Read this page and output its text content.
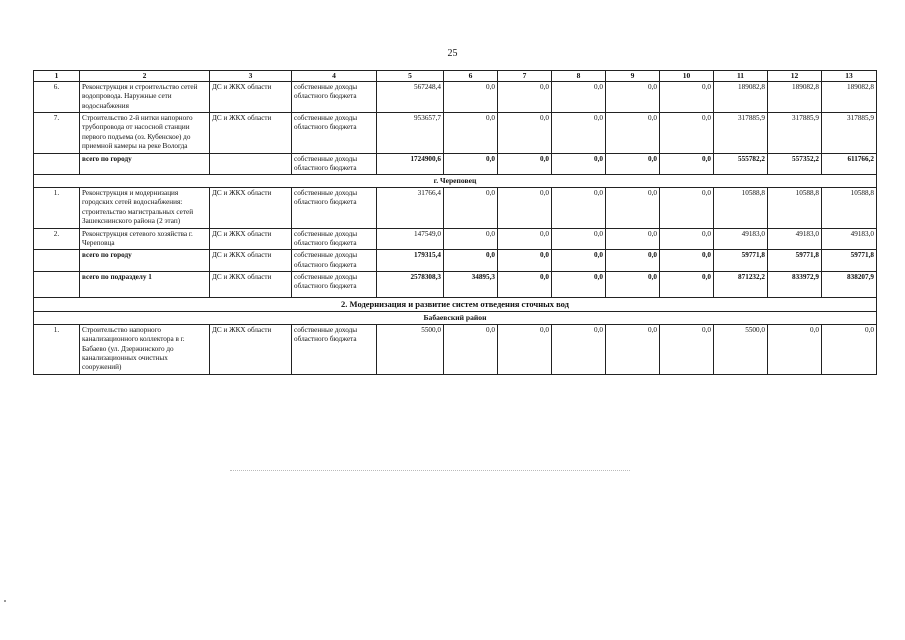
25
1	2	3	4	5	6	7	8	9	10	11	12	13
6.	Реконструкция и строительство сетей водопровода. Наружные сети водоснабжения	ДС и ЖКХ области	собственные доходы областного бюджета	567248,4	0,0	0,0	0,0	0,0	0,0	189082,8	189082,8	189082,8
7.	Строительство 2-й нитки напорного трубопровода от насосной станции первого подъема (оз. Кубенское) до приемной камеры на реке Вологда	ДС и ЖКХ области	собственные доходы областного бюджета	953657,7	0,0	0,0	0,0	0,0	0,0	317885,9	317885,9	317885,9
	всего по городу		собственные доходы областного бюджета	1724900,6	0,0	0,0	0,0	0,0	0,0	555782,2	557352,2	611766,2
г. Череповец												
1.	Реконструкция и модернизация городских сетей водоснабжения: строительство магистральных сетей Зашекснинского района (2 этап)	ДС и ЖКХ области	собственные доходы областного бюджета	31766,4	0,0	0,0	0,0	0,0	0,0	10588,8	10588,8	10588,8
2.	Реконструкция сетевого хозяйства г. Череповца	ДС и ЖКХ области	собственные доходы областного бюджета	147549,0	0,0	0,0	0,0	0,0	0,0	49183,0	49183,0	49183,0
	всего по городу	ДС и ЖКХ области	собственные доходы областного бюджета	179315,4	0,0	0,0	0,0	0,0	0,0	59771,8	59771,8	59771,8
	всего по подразделу 1	ДС и ЖКХ области	собственные доходы областного бюджета	2578308,3	34895,3	0,0	0,0	0,0	0,0	871232,2	833972,9	838207,9
2. Модернизация и развитие систем отведения сточных вод												
Бабаевский район												
1.	Строительство напорного канализационного коллектора в г. Бабаево (ул. Дзержинского до канализационных очистных сооружений)	ДС и ЖКХ области	собственные доходы областного бюджета	5500,0	0,0	0,0	0,0	0,0	0,0	5500,0	0,0	0,0
